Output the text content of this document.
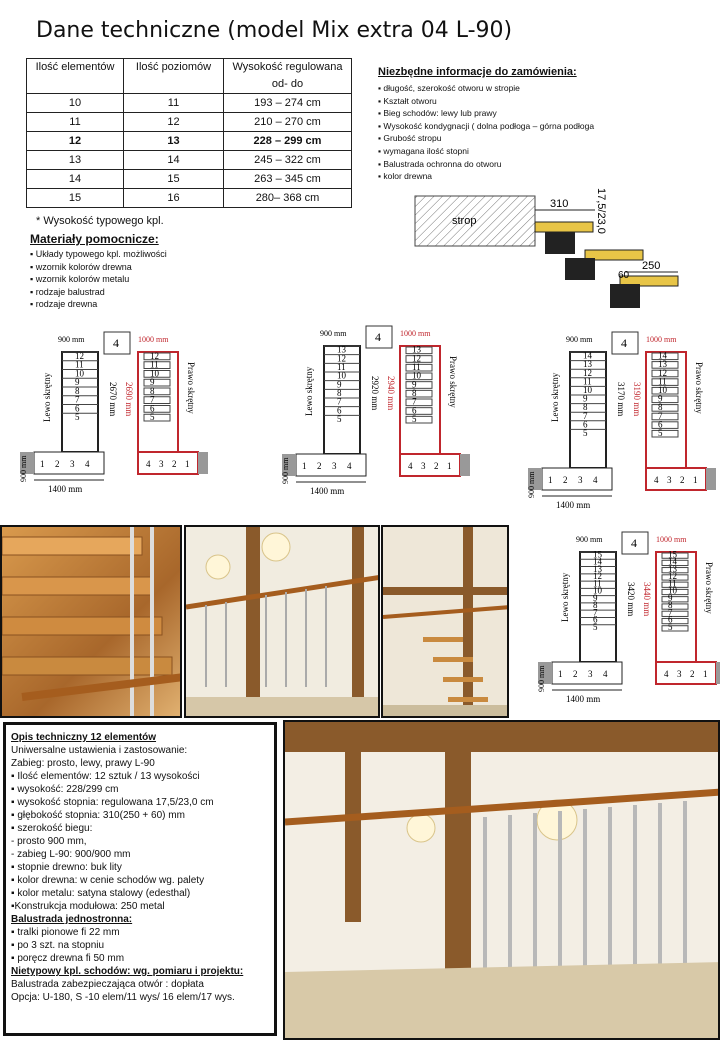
Dane techniczne (model Mix extra 04 L-90)
Ilość elementów	Ilość poziomów	Wysokość regulowana od- do
10	11	193 – 274 cm
11	12	210 – 270 cm
12	13	228 – 299 cm
13	14	245 – 322 cm
14	15	263 – 345 cm
15	16	280– 368 cm
* Wysokość typowego kpl.
Materiały pomocnicze:
▪ Układy typowego kpl. możliwości
▪ wzornik kolorów drewna
▪ wzornik kolorów metalu
▪ rodzaje balustrad
▪ rodzaje drewna
Niezbędne informacje do zamówienia:
▪ długość, szerokość otworu w stropie
▪ Kształt otworu
▪ Bieg schodów: lewy lub prawy
▪ Wysokość kondygnacji ( dolna podłoga – górna podłoga
▪ Grubość stropu
▪ wymagana ilość stopni
▪ Balustrada ochronna do otworu
▪ kolor drewna
strop
310 17,5/23,0
250
60
900 mm 4 1000 mm
12
11
10
9
8
7
6
5
12
11
10
9
8
7
6
5
1 2 3 4	4 3 2 1
Lewo skrętny	Prawo skrętny
2670 mm 2690 mm
900 mm
1400 mm
900 mm 4 1000 mm
13
12
11
10
9
8
7
6
5
13
12
11
10
9
8
7
6
5
1 2 3 4	4 3 2 1
Lewo skrętny	Prawo skrętny
2920 mm 2940 mm
900 mm
1400 mm
900 mm 4 1000 mm
14
13
12
11
10
9
8
7
6
5
14
13
12
11
10
9
8
7
6
5
1 2 3 4	4 3 2 1
Lewo skrętny	Prawo skrętny
3170 mm 3190 mm
900 mm
1400 mm
900 mm 4 1000 mm
15
14
13
12
11
10
9
8
7
6
5
15
14
13
12
11
10
9
8
7
6
5
1 2 3 4	4 3 2 1
Lewo skrętny	Prawo skrętny
3420 mm 3440 mm
900 mm
1400 mm
Opis techniczny 12 elementów
Uniwersalne ustawienia i zastosowanie:
Zabieg: prosto, lewy, prawy L-90
▪ Ilość elementów: 12 sztuk / 13 wysokości
▪ wysokość: 228/299 cm
▪ wysokość stopnia: regulowana 17,5/23,0 cm
▪ głębokość stopnia: 310(250 + 60) mm
▪ szerokość biegu:
- prosto 900 mm,
- zabieg L-90: 900/900 mm
▪ stopnie drewno: buk lity
▪ kolor drewna: w cenie schodów wg. palety
▪ kolor metalu: satyna stalowy (edesthal)
▪Konstrukcja modułowa: 250 metal
Balustrada jednostronna:
▪ tralki pionowe fi 22 mm
▪ po 3 szt. na stopniu
▪ poręcz drewna fi 50 mm
Nietypowy kpl. schodów: wg. pomiaru i projektu:
Balustrada zabezpieczająca otwór : dopłata
Opcja: U-180, S -10 elem/11 wys/ 16 elem/17 wys.
